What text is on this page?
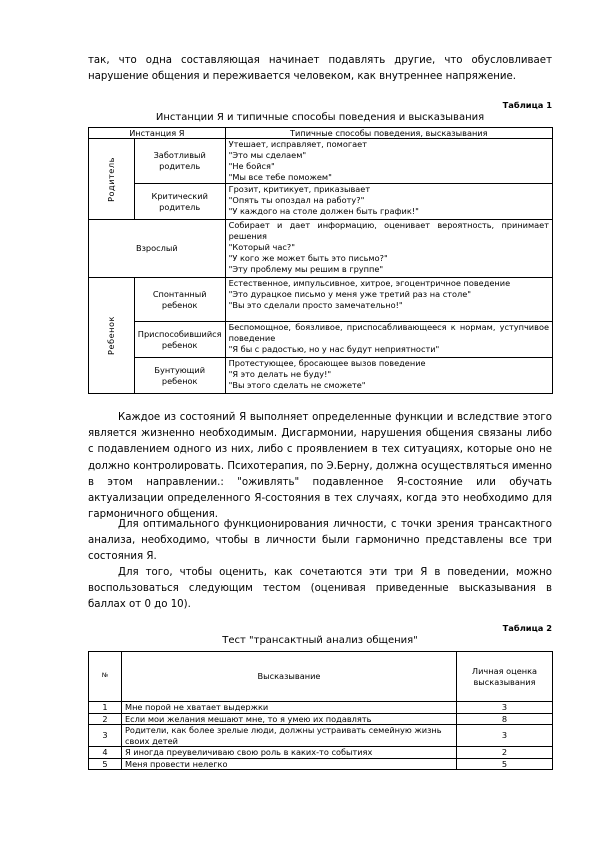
так, что одна составляющая начинает подавлять другие, что обусловливает нарушение общения и переживается человеком, как внутреннее напряжение.
Таблица 1
Инстанции Я и типичные способы поведения и высказывания
Инстанция Я		Типичные способы поведения, высказывания
Родитель	Заботливый родитель	Утешает, исправляет, помогает
"Это мы сделаем"
"Не бойся"
"Мы все тебе поможем"

	Критический родитель	Грозит, критикует, приказывает
"Опять ты опоздал на работу?"
"У каждого на столе должен быть график!"

Взрослый		Собирает и дает информацию, оценивает вероятность, принимает решения
"Который час?"
"У кого же может быть это письмо?"
"Эту проблему мы решим в группе"

Ребенок	Спонтанный ребенок	Естественное, импульсивное, хитрое, эгоцентричное поведение
"Это дурацкое письмо у меня уже третий раз на столе"
"Вы это сделали просто замечательно!"

	Приспособившийся ребенок	Беспомощное, боязливое, приспосабливающееся к нормам, уступчивое поведение
"Я бы с радостью, но у нас будут неприятности"

	Бунтующий ребенок	Протестующее, бросающее вызов поведение
"Я это делать не буду!"
"Вы этого сделать не сможете"
Каждое из состояний Я выполняет определенные функции и вследствие этого является жизненно необходимым. Дисгармонии, нарушения общения связаны либо с подавлением одного из них, либо с проявлением в тех ситуациях, которые оно не должно контролировать. Психотерапия, по Э.Берну, должна осуществляться именно в этом направлении.: "оживлять" подавленное Я-состояние или обучать актуализации определенного Я-состояния в тех случаях, когда это необходимо для гармоничного общения.
Для оптимального функционирования личности, с точки зрения трансактного анализа, необходимо, чтобы в личности были гармонично представлены все три состояния Я.
Для того, чтобы оценить, как сочетаются эти три Я в поведении, можно воспользоваться следующим тестом (оценивая приведенные высказывания в баллах от 0 до 10).
Таблица 2
Тест "трансактный анализ общения"
№	Высказывание	Личная оценка высказывания
1	Мне порой не хватает выдержки	3
2	Если мои желания мешают мне, то я умею их подавлять	8
3	Родители, как более зрелые люди, должны устраивать семейную жизнь своих детей	3
4	Я иногда преувеличиваю свою роль в каких-то событиях	2
5	Меня провести нелегко	5
